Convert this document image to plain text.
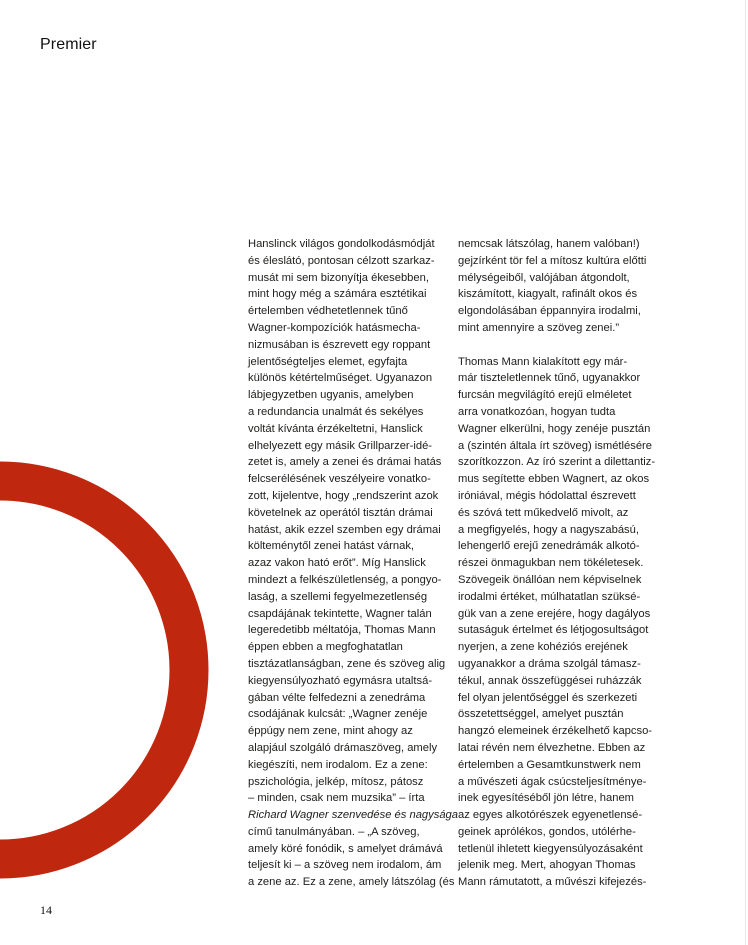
Premier
Hanslinck világos gondolkodásmódját
és éleslátó, pontosan célzott szarkaz-
musát mi sem bizonyítja ékesebben,
mint hogy még a számára esztétikai
értelemben védhetetlennek tűnő
Wagner-kompozíciók hatásmecha-
nizmusában is észrevett egy roppant
jelentőségteljes elemet, egyfajta
különös kétértelműséget. Ugyanazon
lábjegyzetben ugyanis, amelyben
a redundancia unalmát és sekélyes
voltát kívánta érzékeltetni, Hanslick
elhelyezett egy másik Grillparzer-idé-
zetet is, amely a zenei és drámai hatás
felcserélésének veszélyeire vonatko-
zott, kijelentve, hogy „rendszerint azok
követelnek az operától tisztán drámai
hatást, akik ezzel szemben egy drámai
költeménytől zenei hatást várnak,
azaz vakon ható erőt”. Míg Hanslick
mindezt a felkészületlenség, a pongyo-
laság, a szellemi fegyelmezetlenség
csapdájának tekintette, Wagner talán
legeredetibb méltatója, Thomas Mann
éppen ebben a megfoghatatlan
tisztázatlanságban, zene és szöveg alig
kiegyensúlyozható egymásra utaltsá-
gában vélte felfedezni a zenedráma
csodájának kulcsát: „Wagner zenéje
éppúgy nem zene, mint ahogy az
alapjául szolgáló drámaszöveg, amely
kiegészíti, nem irodalom. Ez a zene:
pszichológia, jelkép, mítosz, pátosz
– minden, csak nem muzsika” – írta
Richard Wagner szenvedése és nagysága
című tanulmányában. – „A szöveg,
amely köré fonódik, s amelyet drámává
teljesít ki – a szöveg nem irodalom, ám
a zene az. Ez a zene, amely látszólag (és
nemcsak látszólag, hanem valóban!)
gejzírként tör fel a mítosz kultúra előtti
mélységeiből, valójában átgondolt,
kiszámított, kiagyalt, rafinált okos és
elgondolásában éppannyira irodalmi,
mint amennyire a szöveg zenei.”
Thomas Mann kialakított egy már-
már tiszteletlennek tűnő, ugyanakkor
furcsán megvilágító erejű elméletet
arra vonatkozóan, hogyan tudta
Wagner elkerülni, hogy zenéje pusztán
a (szintén általa írt szöveg) ismétlésére
szorítkozzon. Az író szerint a dilettantiz-
mus segítette ebben Wagnert, az okos
iróniával, mégis hódolattal észrevett
és szóvá tett műkedvelő mivolt, az
a megfigyelés, hogy a nagyszabású,
lehengerlő erejű zenedrámák alkotó-
részei önmagukban nem tökéletesek.
Szövegeik önállóan nem képviselnek
irodalmi értéket, múlhatatlan szüksé-
gük van a zene erejére, hogy dagályos
sutaságuk értelmet és létjogosultságot
nyerjen, a zene kohéziós erejének
ugyanakkor a dráma szolgál támasz-
tékul, annak összefüggései ruházzák
fel olyan jelentőséggel és szerkezeti
összetettséggel, amelyet pusztán
hangzó elemeinek érzékelhető kapcso-
latai révén nem élvezhetne. Ebben az
értelemben a Gesamtkunstwerk nem
a művészeti ágak csúcsteljesítménye-
inek egyesítéséből jön létre, hanem
az egyes alkotórészek egyenetlensé-
geinek aprólékos, gondos, utólérhe-
tetlenül ihletett kiegyensúlyozásaként
jelenik meg. Mert, ahogyan Thomas
Mann rámutatott, a művészi kifejezés-
14
